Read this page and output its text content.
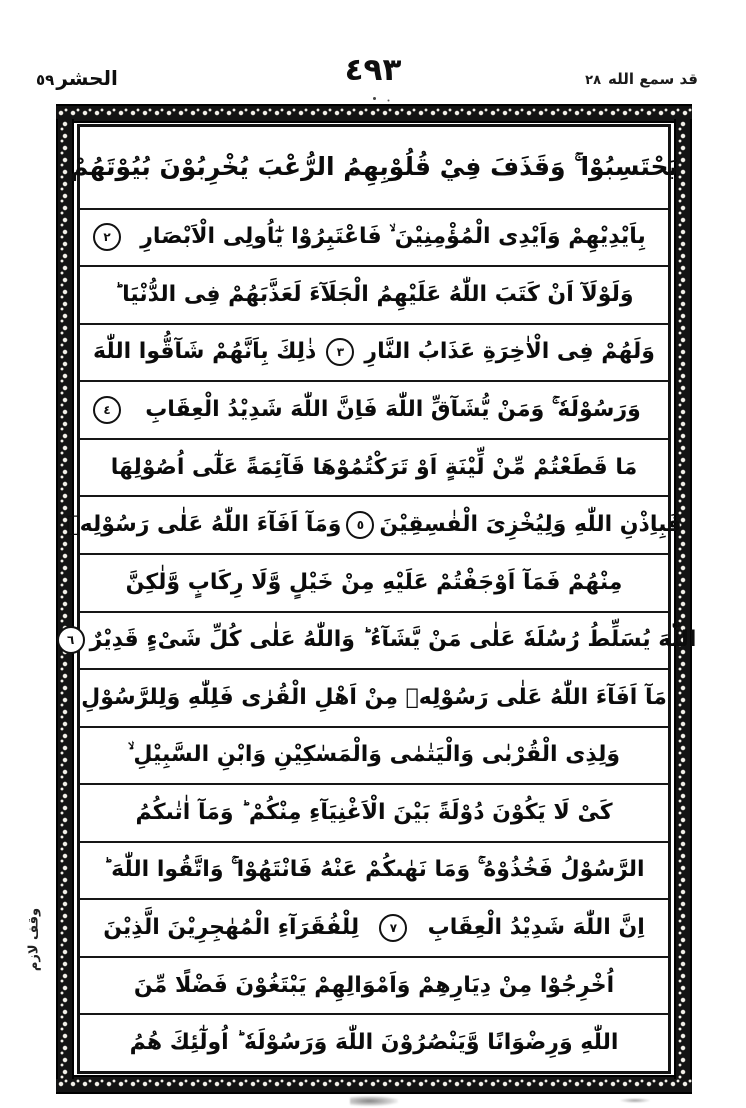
قد سمع الله٢٨
٤٩٣
الحشر٥٩
يَحْتَسِبُوْا ۚ وَقَذَفَ فِيْ قُلُوْبِهِمُ الرُّعْبَ يُخْرِبُوْنَ بُيُوْتَهُمْ
بِاَيْدِيْهِمْ وَاَيْدِى الْمُؤْمِنِيْنَ ۙ فَاعْتَبِرُوْا يٰٓاُولِى الْاَبْصَارِ
٢
وَلَوْلَآ اَنْ كَتَبَ اللّٰهُ عَلَيْهِمُ الْجَلَآءَ لَعَذَّبَهُمْ فِى الدُّنْيَا ؕ
وَلَهُمْ فِى الْاٰخِرَةِ عَذَابُ النَّارِ
٣
ذٰلِكَ بِاَنَّهُمْ شَآقُّوا اللّٰهَ
وَرَسُوْلَهٗ ۚ وَمَنْ يُّشَآقِّ اللّٰهَ فَاِنَّ اللّٰهَ شَدِيْدُ الْعِقَابِ
٤
مَا قَطَعْتُمْ مِّنْ لِّيْنَةٍ اَوْ تَرَكْتُمُوْهَا قَآئِمَةً عَلٰٓى اُصُوْلِهَا
فَبِاِذْنِ اللّٰهِ وَلِيُخْزِىَ الْفٰسِقِيْنَ
٥
وَمَآ اَفَآءَ اللّٰهُ عَلٰى رَسُوْلِهٖ
مِنْهُمْ فَمَآ اَوْجَفْتُمْ عَلَيْهِ مِنْ خَيْلٍ وَّلَا رِكَابٍ وَّلٰكِنَّ
اللّٰهَ يُسَلِّطُ رُسُلَهٗ عَلٰى مَنْ يَّشَآءُ ؕ وَاللّٰهُ عَلٰى كُلِّ شَىْءٍ قَدِيْرٌ
٦
مَآ اَفَآءَ اللّٰهُ عَلٰى رَسُوْلِهٖ مِنْ اَهْلِ الْقُرٰى فَلِلّٰهِ وَلِلرَّسُوْلِ
وَلِذِى الْقُرْبٰى وَالْيَتٰمٰى وَالْمَسٰكِيْنِ وَابْنِ السَّبِيْلِ ۙ
كَىْ لَا يَكُوْنَ دُوْلَةً بَيْنَ الْاَغْنِيَآءِ مِنْكُمْ ؕ وَمَآ اٰتٰىكُمُ
الرَّسُوْلُ فَخُذُوْهُ ۚ وَمَا نَهٰىكُمْ عَنْهُ فَانْتَهُوْا ۚ وَاتَّقُوا اللّٰهَ ؕ
اِنَّ اللّٰهَ شَدِيْدُ الْعِقَابِ
٧
لِلْفُقَرَآءِ الْمُهٰجِرِيْنَ الَّذِيْنَ
اُخْرِجُوْا مِنْ دِيَارِهِمْ وَاَمْوَالِهِمْ يَبْتَغُوْنَ فَضْلًا مِّنَ
اللّٰهِ وَرِضْوَانًا وَّيَنْصُرُوْنَ اللّٰهَ وَرَسُوْلَهٗ ؕ اُولٰٓئِكَ هُمُ
وقف لازم
